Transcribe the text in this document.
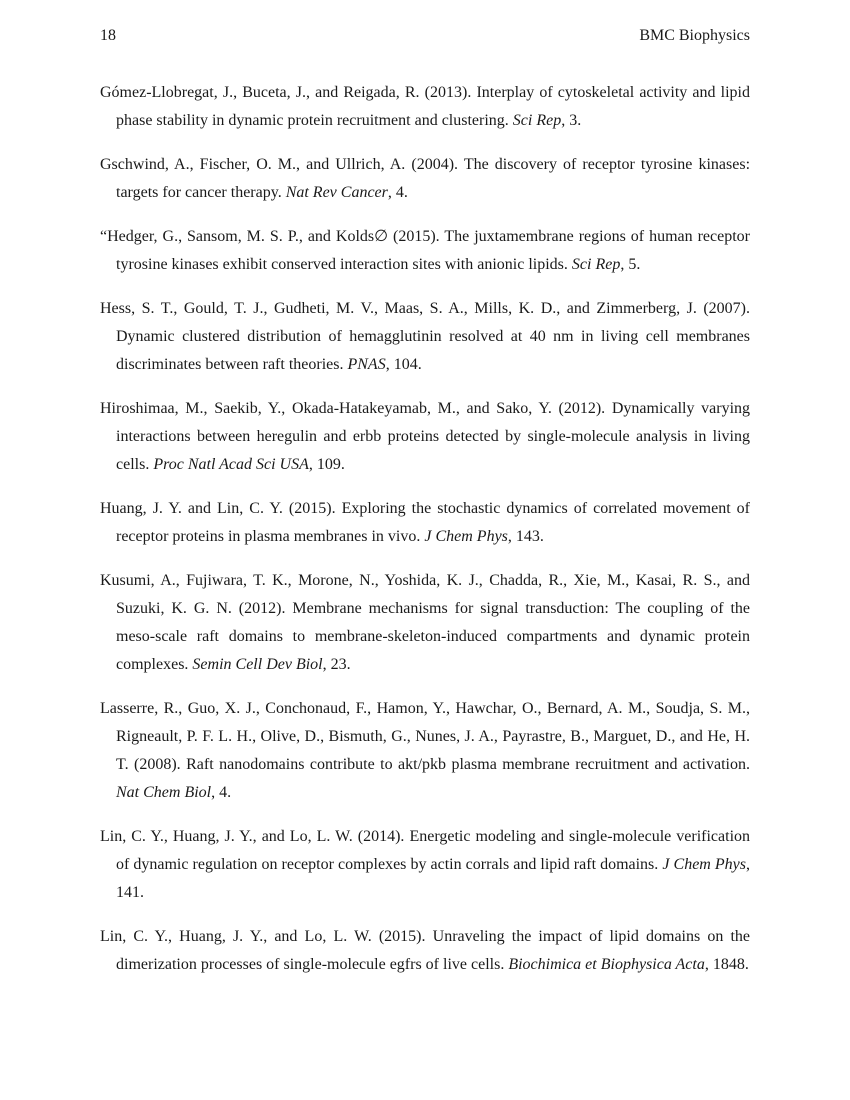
18	BMC Biophysics
Gómez-Llobregat, J., Buceta, J., and Reigada, R. (2013). Interplay of cytoskeletal activity and lipid phase stability in dynamic protein recruitment and clustering. Sci Rep, 3.
Gschwind, A., Fischer, O. M., and Ullrich, A. (2004). The discovery of receptor tyrosine kinases: targets for cancer therapy. Nat Rev Cancer, 4.
“Hedger, G., Sansom, M. S. P., and Kolds∅ (2015). The juxtamembrane regions of human receptor tyrosine kinases exhibit conserved interaction sites with anionic lipids. Sci Rep, 5.
Hess, S. T., Gould, T. J., Gudheti, M. V., Maas, S. A., Mills, K. D., and Zimmerberg, J. (2007). Dynamic clustered distribution of hemagglutinin resolved at 40 nm in living cell membranes discriminates between raft theories. PNAS, 104.
Hiroshimaa, M., Saekib, Y., Okada-Hatakeyamab, M., and Sako, Y. (2012). Dynamically varying interactions between heregulin and erbb proteins detected by single-molecule analysis in living cells. Proc Natl Acad Sci USA, 109.
Huang, J. Y. and Lin, C. Y. (2015). Exploring the stochastic dynamics of correlated movement of receptor proteins in plasma membranes in vivo. J Chem Phys, 143.
Kusumi, A., Fujiwara, T. K., Morone, N., Yoshida, K. J., Chadda, R., Xie, M., Kasai, R. S., and Suzuki, K. G. N. (2012). Membrane mechanisms for signal transduction: The coupling of the meso-scale raft domains to membrane-skeleton-induced compartments and dynamic protein complexes. Semin Cell Dev Biol, 23.
Lasserre, R., Guo, X. J., Conchonaud, F., Hamon, Y., Hawchar, O., Bernard, A. M., Soudja, S. M., Rigneault, P. F. L. H., Olive, D., Bismuth, G., Nunes, J. A., Payrastre, B., Marguet, D., and He, H. T. (2008). Raft nanodomains contribute to akt/pkb plasma membrane recruitment and activation. Nat Chem Biol, 4.
Lin, C. Y., Huang, J. Y., and Lo, L. W. (2014). Energetic modeling and single-molecule verification of dynamic regulation on receptor complexes by actin corrals and lipid raft domains. J Chem Phys, 141.
Lin, C. Y., Huang, J. Y., and Lo, L. W. (2015). Unraveling the impact of lipid domains on the dimerization processes of single-molecule egfrs of live cells. Biochimica et Biophysica Acta, 1848.
